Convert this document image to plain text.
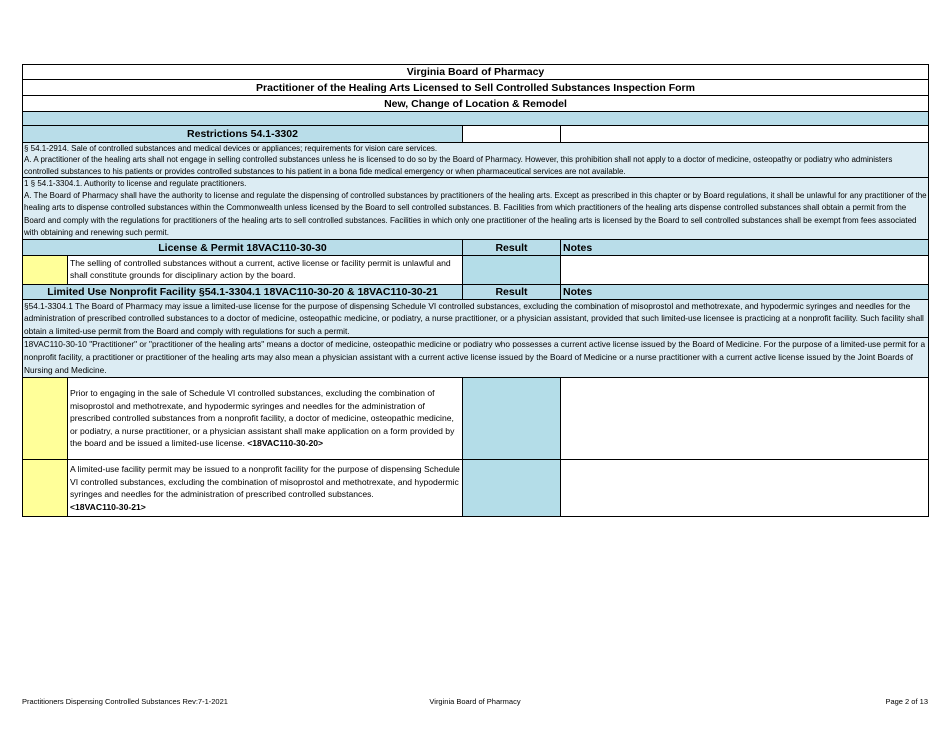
Virginia Board of Pharmacy
Practitioner of the Healing Arts Licensed to Sell Controlled Substances Inspection Form
New, Change of Location & Remodel
Restrictions 54.1-3302
§ 54.1-2914. Sale of controlled substances and medical devices or appliances; requirements for vision care services.
A. A practitioner of the healing arts shall not engage in selling controlled substances unless he is licensed to do so by the Board of Pharmacy. However, this prohibition shall not apply to a doctor of medicine, osteopathy or podiatry who administers controlled substances to his patients or provides controlled substances to his patient in a bona fide medical emergency or when pharmaceutical services are not available.
1 § 54.1-3304.1. Authority to license and regulate practitioners.
A. The Board of Pharmacy shall have the authority to license and regulate the dispensing of controlled substances by practitioners of the healing arts. Except as prescribed in this chapter or by Board regulations, it shall be unlawful for any practitioner of the healing arts to dispense controlled substances within the Commonwealth unless licensed by the Board to sell controlled substances. B. Facilities from which practitioners of the healing arts dispense controlled substances shall obtain a permit from the Board and comply with the regulations for practitioners of the healing arts to sell controlled substances. Facilities in which only one practitioner of the healing arts is licensed by the Board to sell controlled substances shall be exempt from fees associated with obtaining and renewing such permit.
License & Permit 18VAC110-30-30	Result	Notes
The selling of controlled substances without a current, active license or facility permit is unlawful and shall constitute grounds for disciplinary action by the board.
Limited Use Nonprofit Facility §54.1-3304.1 18VAC110-30-20 & 18VAC110-30-21	Result	Notes
§54.1-3304.1 The Board of Pharmacy may issue a limited-use license for the purpose of dispensing Schedule VI controlled substances, excluding the combination of misoprostol and methotrexate, and hypodermic syringes and needles for the administration of prescribed controlled substances to a doctor of medicine, osteopathic medicine, or podiatry, a nurse practitioner, or a physician assistant, provided that such limited-use licensee is practicing at a nonprofit facility. Such facility shall obtain a limited-use permit from the Board and comply with regulations for such a permit.
18VAC110-30-10 "Practitioner" or "practitioner of the healing arts" means a doctor of medicine, osteopathic medicine or podiatry who possesses a current active license issued by the Board of Medicine. For the purpose of a limited-use permit for a nonprofit facility, a practitioner or practitioner of the healing arts may also mean a physician assistant with a current active license issued by the Board of Medicine or a nurse practitioner with a current active license issued by the Joint Boards of Nursing and Medicine.
Prior to engaging in the sale of Schedule VI controlled substances, excluding the combination of misoprostol and methotrexate, and hypodermic syringes and needles for the administration of prescribed controlled substances from a nonprofit facility, a doctor of medicine, osteopathic medicine, or podiatry, a nurse practitioner, or a physician assistant shall make application on a form provided by the board and be issued a limited-use license. <18VAC110-30-20>
A limited-use facility permit may be issued to a nonprofit facility for the purpose of dispensing Schedule VI controlled substances, excluding the combination of misoprostol and methotrexate, and hypodermic syringes and needles for the administration of prescribed controlled substances.
<18VAC110-30-21>
Practitioners Dispensing Controlled Substances Rev:7-1-2021	Virginia Board of Pharmacy	Page 2 of 13
